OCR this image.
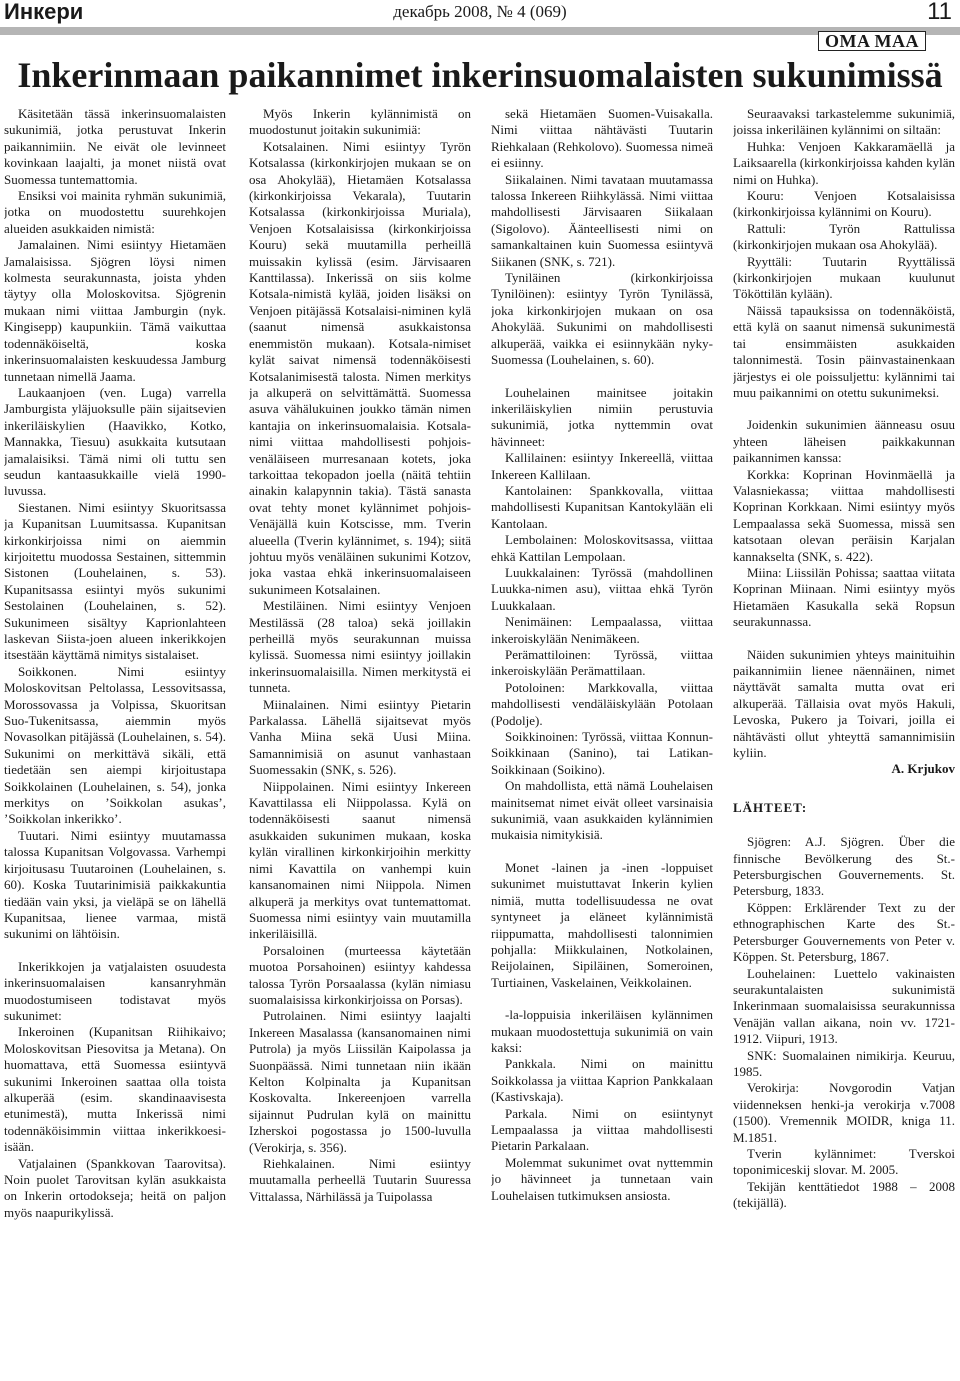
Инкери	декабрь 2008, № 4 (069)	11
OMA MAA
Inkerinmaan paikannimet inkerinsuomalaisten sukunimissä

Käsitetään tässä inkerinsuomalaisten sukunimiä, jotka perustuvat Inkerin paikannimiin. Ne eivät ole levinneet kovinkaan laajalti, ja monet niistä ovat Suomessa tuntemattomia.

Ensiksi voi mainita ryhmän sukunimiä, jotka on muodostettu suurehkojen alueiden asukkaiden nimistä:

Jamalainen. Nimi esiintyy Hietamäen Jamalaisissa. Sjögren löysi nimen kolmesta seurakunnasta, joista yhden täytyy olla Moloskovitsa. Sjögrenin mukaan nimi viittaa Jamburgin (nyk. Kingisepp) kaupunkiin. Tämä vaikuttaa todennäköiseltä, koska inkerinsuomalaisten keskuudessa Jamburg tunnetaan nimellä Jaama.

Laukaanjoen (ven. Luga) varrella Jamburgista yläjuoksulle päin sijaitsevien inkeriläiskylien (Haavikko, Kotko, Mannakka, Tiesuu) asukkaita kutsutaan jamalaisiksi. Tämä nimi oli tuttu sen seudun kantaasukkaille vielä 1990-luvussa.

Siestanen. Nimi esiintyy Skuoritsassa ja Kupanitsan Luumitsassa. Kupanitsan kirkonkirjoissa nimi on aiemmin kirjoitettu muodossa Sestainen, sittemmin Sistonen (Louhelainen, s. 53). Kupanitsassa esiintyi myös sukunimi Sestolainen (Louhelainen, s. 52). Sukunimeen sisältyy Kaprionlahteen laskevan Siista-joen alueen inkerikkojen itsestään käyttämä nimitys sistalaiset.

Soikkonen. Nimi esiintyy Moloskovitsan Peltolassa, Lessovitsassa, Morossovassa ja Volpissa, Skuoritsan Suo-Tukenitsassa, aiemmin myös Novasolkan pitäjässä (Louhelainen, s. 54). Sukunimi on merkittävä sikäli, että tiedetään sen aiempi kirjoitustapa Soikkolainen (Louhelainen, s. 54), jonka merkitys on ’Soikkolan asukas’, ’Soikkolan inkerikko’.

Tuutari. Nimi esiintyy muutamassa talossa Kupanitsan Volgovassa. Varhempi kirjoitusasu Tuutaroinen (Louhelainen, s. 60). Koska Tuutarinimisiä paikkakuntia tiedään vain yksi, ja vieläpä se on lähellä Kupanitsaa, lienee varmaa, mistä sukunimi on lähtöisin.

Inkerikkojen ja vatjalaisten osuudesta inkerinsuomalaisen kansanryhmän muodostumiseen todistavat myös sukunimet:

Inkeroinen (Kupanitsan Riihikaivo; Moloskovitsan Piesovitsa ja Metana). On huomattava, että Suomessa esiintyvä sukunimi Inkeroinen saattaa olla toista alkuperää (esim. skandinaavisesta etunimestä), mutta Inkerissä nimi todennäköisimmin viittaa inkerikkoesi-isään.

Vatjalainen (Spankkovan Taarovitsa). Noin puolet Tarovitsan kylän asukkaista on Inkerin ortodokseja; heitä on paljon myös naapurikylissä.

Myös Inkerin kylännimistä on muodostunut joitakin sukunimiä:

Kotsalainen. Nimi esiintyy Tyrön Kotsalassa (kirkonkirjojen mukaan se on osa Ahokylää), Hietamäen Kotsalassa (kirkonkirjoissa Vekarala), Tuutarin Kotsalassa (kirkonkirjoissa Muriala), Venjoen Kotsalaisissa (kirkonkirjoissa Kouru) sekä muutamilla perheillä muissakin kylissä (esim. Järvisaaren Kanttilassa). Inkerissä on siis kolme Kotsala-nimistä kylää, joiden lisäksi on Venjoen pitäjässä Kotsalaisi-niminen kylä (saanut nimensä asukkaistonsa enemmistön mukaan). Kotsala-nimiset kylät saivat nimensä todennäköisesti Kotsalanimisestä talosta. Nimen merkitys ja alkuperä on selvittämättä. Suomessa asuva vähälukuinen joukko tämän nimen kantajia on inkerinsuomalaisia. Kotsala-nimi viittaa mahdollisesti pohjois-venäläiseen murresanaan kotets, joka tarkoittaa tekopadon joella (näitä tehtiin ainakin kalapynnin takia). Tästä sanasta ovat tehty monet kylännimet pohjois-Venäjällä kuin Kotscisse, mm. Tverin alueella (Tverin kylännimet, s. 194); siitä johtuu myös venäläinen sukunimi Kotzov, joka vastaa ehkä inkerinsuomalaiseen sukunimeen Kotsalainen.

Mestiläinen. Nimi esiintyy Venjoen Mestilässä (28 taloa) sekä joillakin perheillä myös seurakunnan muissa kylissä. Suomessa nimi esiintyy joillakin inkerinsuomalaisilla. Nimen merkitystä ei tunneta.

Miinalainen. Nimi esiintyy Pietarin Parkalassa. Lähellä sijaitsevat myös Vanha Miina sekä Uusi Miina. Samannimisiä on asunut vanhastaan Suomessakin (SNK, s. 526).

Niippolainen. Nimi esiintyy Inkereen Kavattilassa eli Niippolassa. Kylä on todennäköisesti saanut nimensä asukkaiden sukunimen mukaan, koska kylän virallinen kirkonkirjoihin merkitty nimi Kavattila on vanhempi kuin kansanomainen nimi Niippola. Nimen alkuperä ja merkitys ovat tuntemattomat. Suomessa nimi esiintyy vain muutamilla inkeriläisillä.

Porsaloinen (murteessa käytetään muotoa Porsahoinen) esiintyy kahdessa talossa Tyrön Porsaalassa (kylän nimiasu suomalaisissa kirkonkirjoissa on Porsas).

Putrolainen. Nimi esiintyy laajalti Inkereen Masalassa (kansanomainen nimi Putrola) ja myös Liissilän Kaipolassa ja Suonpäässä. Nimi tunnetaan niin ikään Kelton Kolpinalta ja Kupanitsan Koskovalta. Inkereenjoen varrella sijainnut Pudrulan kylä on mainittu Izherskoi pogostassa jo 1500-luvulla (Verokirja, s. 356).

Riehkalainen. Nimi esiintyy muutamalla perheellä Tuutarin Suuressa Vittalassa, Närhilässä ja Tuipolassa

sekä Hietamäen Suomen-Vuisakalla. Nimi viittaa nähtävästi Tuutarin Riehkalaan (Rehkolovo). Suomessa nimeä ei esiinny.

Siikalainen. Nimi tavataan muutamassa talossa Inkereen Riihkylässä. Nimi viittaa mahdollisesti Järvisaaren Siikalaan (Sigolovo). Äänteellisesti nimi on samankaltainen kuin Suomessa esiintyvä Siikanen (SNK, s. 721).

Tyniläinen (kirkonkirjoissa Tynilöinen): esiintyy Tyrön Tynilässä, joka kirkonkirjojen mukaan on osa Ahokylää. Sukunimi on mahdollisesti alkuperää, vaikka ei esiinnykään nyky-Suomessa (Louhelainen, s. 60).

Louhelainen mainitsee joitakin inkeriläiskylien nimiin perustuvia sukunimiä, jotka nyttemmin ovat hävinneet:

Kallilainen: esiintyy Inkereellä, viittaa Inkereen Kallilaan.

Kantolainen: Spankkovalla, viittaa mahdollisesti Kupanitsan Kantokylään eli Kantolaan.

Lembolainen: Moloskovitsassa, viittaa ehkä Kattilan Lempolaan.

Luukkalainen: Tyrössä (mahdollinen Luukka-nimen asu), viittaa ehkä Tyrön Luukkalaan.

Nenimäinen: Lempaalassa, viittaa inkeroiskylään Nenimäkeen.

Perämattiloinen: Tyrössä, viittaa inkeroiskylään Perämattilaan.

Potoloinen: Markkovalla, viittaa mahdollisesti vendäläiskylään Potolaan (Podolje).

Soikkinoinen: Tyrössä, viittaa Konnun-Soikkinaan (Sanino), tai Latikan-Soikkinaan (Soikino).

On mahdollista, että nämä Louhelaisen mainitsemat nimet eivät olleet varsinaisia sukunimiä, vaan asukkaiden kylännimien mukaisia nimitykisiä.

Monet -lainen ja -inen -loppuiset sukunimet muistuttavat Inkerin kylien nimiä, mutta todellisuudessa ne ovat syntyneet ja eläneet kylännimistä riippumatta, mahdollisesti talonnimien pohjalla: Miikkulainen, Notkolainen, Reijolainen, Sipiläinen, Someroinen, Turtiainen, Vaskelainen, Veikkolainen.

-la-loppuisia inkeriläisen kylännimen mukaan muodostettuja sukunimiä on vain kaksi:

Pankkala. Nimi on mainittu Soikkolassa ja viittaa Kaprion Pankkalaan (Kastivskaja).

Parkala. Nimi on esiintynyt Lempaalassa ja viittaa mahdollisesti Pietarin Parkalaan.

Molemmat sukunimet ovat nyttemmin jo hävinneet ja tunnetaan vain Louhelaisen tutkimuksen ansiosta.

Seuraavaksi tarkastelemme sukunimiä, joissa inkeriläinen kylännimi on siltaän:

Huhka: Venjoen Kakkaramäellä ja Laiksaarella (kirkonkirjoissa kahden kylän nimi on Huhka).

Kouru: Venjoen Kotsalaisissa (kirkonkirjoissa kylännimi on Kouru).

Rattuli: Tyrön Rattulissa (kirkonkirjojen mukaan osa Ahokylää).

Ryyttäli: Tuutarin Ryyttälissä (kirkonkirjojen mukaan kuulunut Tököttilän kylään).

Näissä tapauksissa on todennäköistä, että kylä on saanut nimensä sukunimestä tai ensimmäisten asukkaiden talonnimestä. Tosin päinvastainenkaan järjestys ei ole poissuljettu: kylännimi tai muu paikannimi on otettu sukunimeksi.

Joidenkin sukunimien äänneasu osuu yhteen läheisen paikkakunnan paikannimen kanssa:

Korkka: Koprinan Hovinmäellä ja Valasniekassa; viittaa mahdollisesti Koprinan Korkkaan. Nimi esiintyy myös Lempaalassa sekä Suomessa, missä sen katsotaan olevan peräisin Karjalan kannakselta (SNK, s. 422).

Miina: Liissilän Pohissa; saattaa viitata Koprinan Miinaan. Nimi esiintyy myös Hietamäen Kasukalla sekä Ropsun seurakunnassa.

Näiden sukunimien yhteys mainituihin paikannimiin lienee näennäinen, nimet näyttävät samalta mutta ovat eri alkuperää. Tällaisia ovat myös Hakuli, Levoska, Pukero ja Toivari, joilla ei nähtävästi ollut yhteyttä samannimisiin kyliin.

A. Krjukov

LÄHTEET:

Sjögren: A.J. Sjögren. Über die finnische Bevölkerung des St.-Petersburgischen Gouvernements. St. Petersburg, 1833.

Köppen: Erklärender Text zu der ethnographischen Karte des St.-Petersburger Gouvernements von Peter v. Köppen. St. Petersburg, 1867.

Louhelainen: Luettelo vakinaisten seurakuntalaisten sukunimistä Inkerinmaan suomalaisissa seurakunnissa Venäjän vallan aikana, noin vv. 1721-1912. Viipuri, 1913.

SNK: Suomalainen nimikirja. Keuruu, 1985.

Verokirja: Novgorodin Vatjan viidenneksen henki-ja verokirja v.7008 (1500). Vremennik MOIDR, kniga 11. M.1851.

Tverin kylännimet: Tverskoi toponimiceskij slovar. M. 2005.

Tekijän kenttätiedot 1988 – 2008 (tekijällä).
